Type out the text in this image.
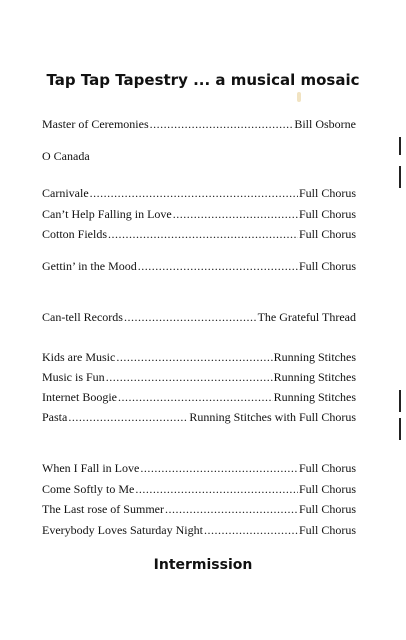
Tap Tap Tapestry ... a musical mosaic
Master of Ceremonies .....	Bill Osborne
O Canada
Carnivale .....	Full Chorus
Can’t Help Falling in Love .....	Full Chorus
Cotton Fields .....	Full Chorus
Gettin’ in the Mood .....	Full Chorus
Can-tell Records .....	The Grateful Thread
Kids are Music .....	Running Stitches
Music is Fun .....	Running Stitches
Internet Boogie .....	Running Stitches
Pasta .....	Running Stitches with Full Chorus
When I Fall in Love .....	Full Chorus
Come Softly to Me .....	Full Chorus
The Last rose of Summer .....	Full Chorus
Everybody Loves Saturday Night .....	Full Chorus
Intermission
